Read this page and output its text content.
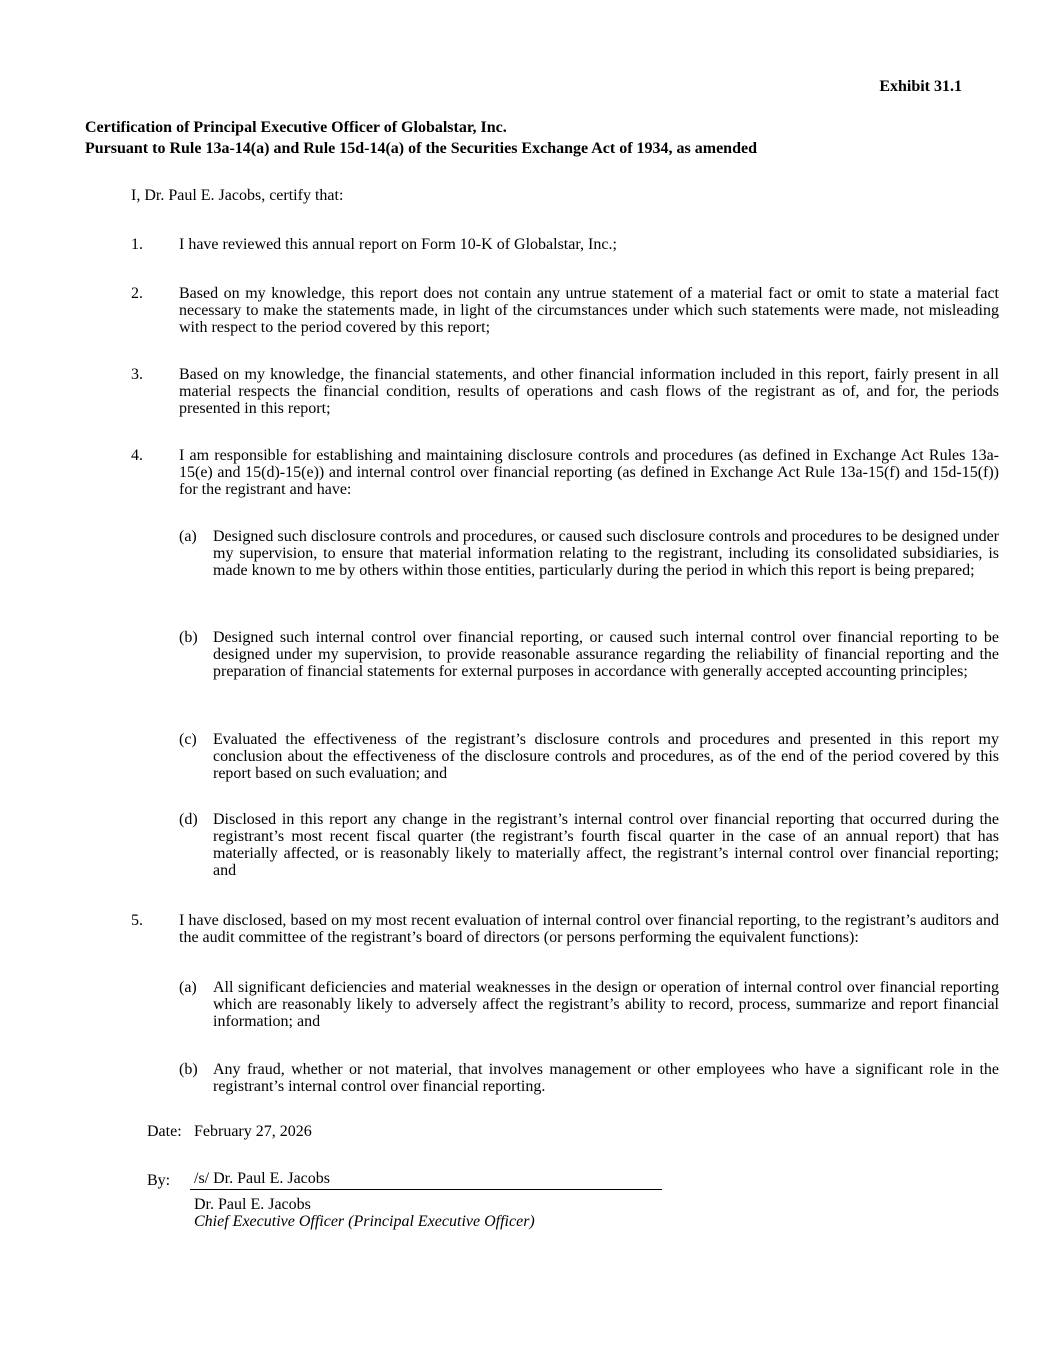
Exhibit 31.1
Certification of Principal Executive Officer of Globalstar, Inc.
Pursuant to Rule 13a-14(a) and Rule 15d-14(a) of the Securities Exchange Act of 1934, as amended
I, Dr. Paul E. Jacobs, certify that:
1. I have reviewed this annual report on Form 10-K of Globalstar, Inc.;
2. Based on my knowledge, this report does not contain any untrue statement of a material fact or omit to state a material fact necessary to make the statements made, in light of the circumstances under which such statements were made, not misleading with respect to the period covered by this report;
3. Based on my knowledge, the financial statements, and other financial information included in this report, fairly present in all material respects the financial condition, results of operations and cash flows of the registrant as of, and for, the periods presented in this report;
4. I am responsible for establishing and maintaining disclosure controls and procedures (as defined in Exchange Act Rules 13a-15(e) and 15(d)-15(e)) and internal control over financial reporting (as defined in Exchange Act Rule 13a-15(f) and 15d-15(f)) for the registrant and have:
(a) Designed such disclosure controls and procedures, or caused such disclosure controls and procedures to be designed under my supervision, to ensure that material information relating to the registrant, including its consolidated subsidiaries, is made known to me by others within those entities, particularly during the period in which this report is being prepared;
(b) Designed such internal control over financial reporting, or caused such internal control over financial reporting to be designed under my supervision, to provide reasonable assurance regarding the reliability of financial reporting and the preparation of financial statements for external purposes in accordance with generally accepted accounting principles;
(c) Evaluated the effectiveness of the registrant’s disclosure controls and procedures and presented in this report my conclusion about the effectiveness of the disclosure controls and procedures, as of the end of the period covered by this report based on such evaluation; and
(d) Disclosed in this report any change in the registrant’s internal control over financial reporting that occurred during the registrant’s most recent fiscal quarter (the registrant’s fourth fiscal quarter in the case of an annual report) that has materially affected, or is reasonably likely to materially affect, the registrant’s internal control over financial reporting; and
5. I have disclosed, based on my most recent evaluation of internal control over financial reporting, to the registrant’s auditors and the audit committee of the registrant’s board of directors (or persons performing the equivalent functions):
(a) All significant deficiencies and material weaknesses in the design or operation of internal control over financial reporting which are reasonably likely to adversely affect the registrant’s ability to record, process, summarize and report financial information; and
(b) Any fraud, whether or not material, that involves management or other employees who have a significant role in the registrant’s internal control over financial reporting.
Date: February 27, 2026
By: /s/ Dr. Paul E. Jacobs
Dr. Paul E. Jacobs
Chief Executive Officer (Principal Executive Officer)
